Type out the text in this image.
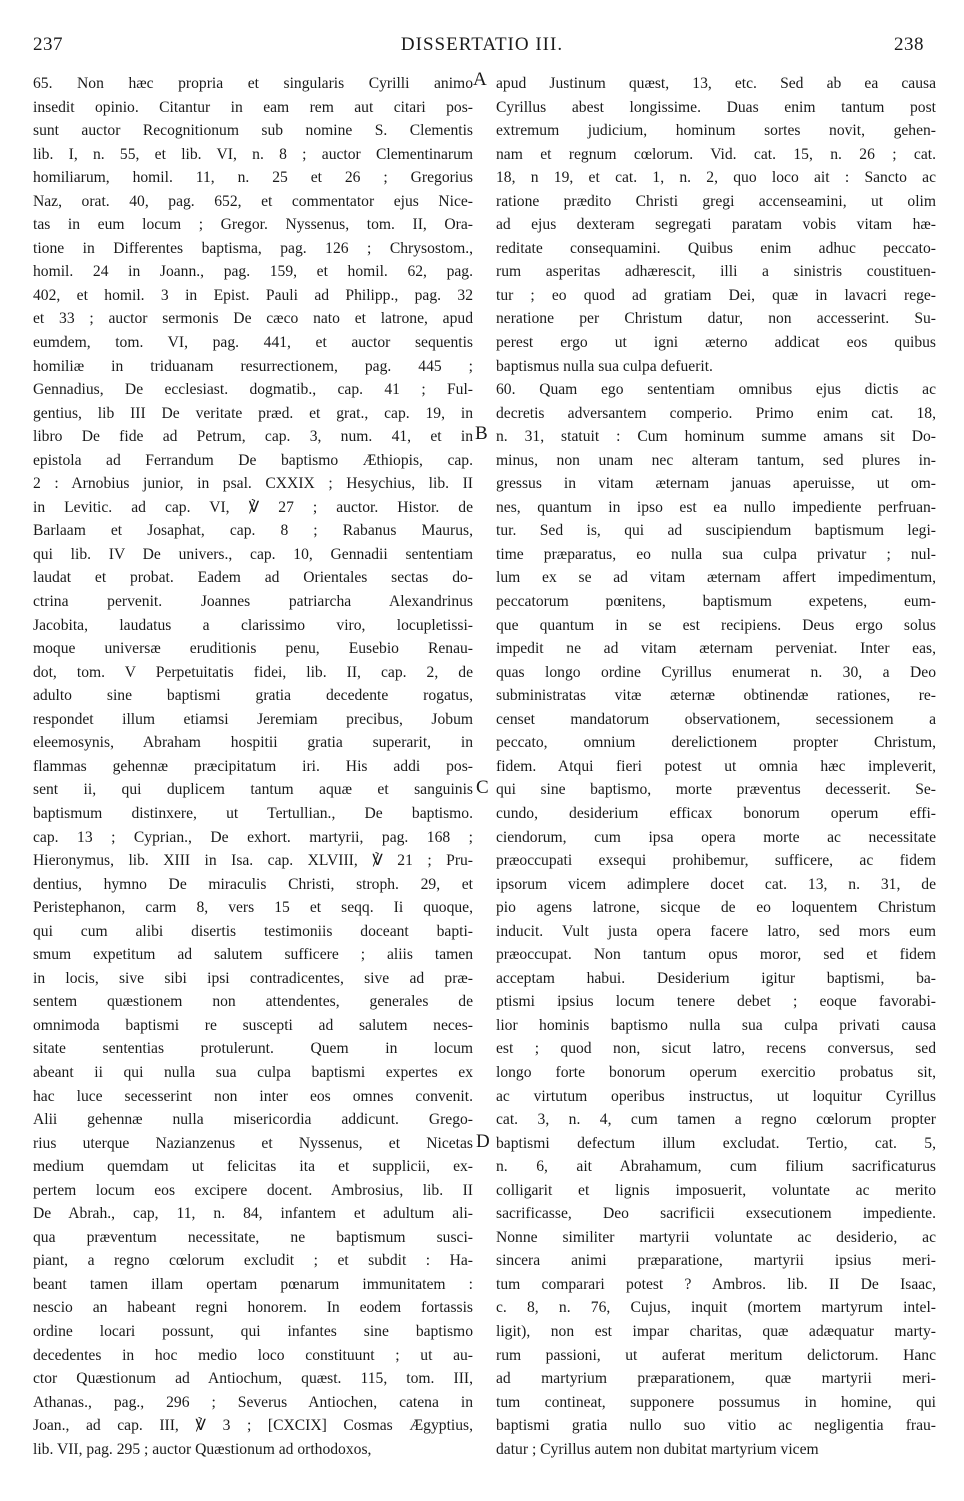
DISSERTATIO III.
237	238
65. Non hæc propria et singularis Cyrilli animo
insedit opinio. Citantur in eam rem aut citari pos-
sunt auctor Recognitionum sub nomine S. Clementis
lib. I, n. 55, et lib. VI, n. 8 ; auctor Clementinarum
homiliarum, homil. 11, n. 25 et 26 ; Gregorius
Naz, orat. 40, pag. 652, et commentator ejus Nice-
tas in eum locum ; Gregor. Nyssenus, tom. II, Ora-
tione in Differentes baptisma, pag. 126 ; Chrysostom.,
homil. 24 in Joann., pag. 159, et homil. 62, pag.
402, et homil. 3 in Epist. Pauli ad Philipp., pag. 32
et 33 ; auctor sermonis De cæco nato et latrone, apud
eumdem, tom. VI, pag. 441, et auctor sequentis
homiliæ in triduanam resurrectionem, pag. 445 ;
Gennadius, De ecclesiast. dogmatib., cap. 41 ; Ful-
gentius, lib III De veritate præd. et grat., cap. 19, in
libro De fide ad Petrum, cap. 3, num. 41, et in
epistola ad Ferrandum De baptismo Æthiopis, cap.
2 : Arnobius junior, in psal. CXXIX ; Hesychius, lib. II
in Levitic. ad cap. VI, ℣ 27 ; auctor. Histor. de
Barlaam et Josaphat, cap. 8 ; Rabanus Maurus,
qui lib. IV De univers., cap. 10, Gennadii sententiam
laudat et probat. Eadem ad Orientales sectas do-
ctrina pervenit. Joannes patriarcha Alexandrinus
Jacobita, laudatus a clarissimo viro, locupletissi-
moque universæ eruditionis penu, Eusebio Renau-
dot, tom. V Perpetuitatis fidei, lib. II, cap. 2, de
adulto sine baptismi gratia decedente rogatus,
respondet illum etiamsi Jeremiam precibus, Jobum
eleemosynis, Abraham hospitii gratia superarit, in
flammas gehennæ præcipitatum iri. His addi pos-
sent ii, qui duplicem tantum aquæ et sanguinis
baptismum distinxere, ut Tertullian., De baptismo.
cap. 13 ; Cyprian., De exhort. martyrii, pag. 168 ;
Hieronymus, lib. XIII in Isa. cap. XLVIII, ℣ 21 ; Pru-
dentius, hymno De miraculis Christi, stroph. 29, et
Peristephanon, carm 8, vers 15 et seqq. Ii quoque,
qui cum alibi disertis testimoniis doceant bapti-
smum expetitum ad salutem sufficere ; aliis tamen
in locis, sive sibi ipsi contradicentes, sive ad præ-
sentem quæstionem non attendentes, generales de
omnimoda baptismi re suscepti ad salutem neces-
sitate sententias protulerunt. Quem in locum
abeant ii qui nulla sua culpa baptismi expertes ex
hac luce secesserint non inter eos omnes convenit.
Alii gehennæ nulla misericordia addicunt. Grego-
rius uterque Nazianzenus et Nyssenus, et Nicetas
medium quemdam ut felicitas ita et supplicii, ex-
pertem locum eos excipere docent. Ambrosius, lib. II
De Abrah., cap, 11, n. 84, infantem et adultum ali-
qua præventum necessitate, ne baptismum susci-
piant, a regno cœlorum excludit ; et subdit : Ha-
beant tamen illam opertam pœnarum immunitatem :
nescio an habeant regni honorem. In eodem fortassis
ordine locari possunt, qui infantes sine baptismo
decedentes in hoc medio loco constituunt ; ut au-
ctor Quæstionum ad Antiochum, quæst. 115, tom. III,
Athanas., pag., 296 ; Severus Antiochen, catena in
Joan., ad cap. III, ℣ 3 ; [CXCIX] Cosmas Ægyptius,
lib. VII, pag. 295 ; auctor Quæstionum ad orthodoxos,
apud Justinum quæst, 13, etc. Sed ab ea causa
Cyrillus abest longissime. Duas enim tantum post
extremum judicium, hominum sortes novit, gehen-
nam et regnum cœlorum. Vid. cat. 15, n. 26 ; cat.
18, n 19, et cat. 1, n. 2, quo loco ait : Sancto ac
ratione prædito Christi gregi accenseamini, ut olim
ad ejus dexteram segregati paratam vobis vitam hæ-
reditate consequamini. Quibus enim adhuc peccato-
rum asperitas adhærescit, illi a sinistris coustituen-
tur ; eo quod ad gratiam Dei, quæ in lavacri rege-
neratione per Christum datur, non accesserint. Su-
perest ergo ut igni æterno addicat eos quibus
baptismus nulla sua culpa defuerit.
60. Quam ego sententiam omnibus ejus dictis ac
decretis adversantem comperio. Primo enim cat. 18,
n. 31, statuit : Cum hominum summe amans sit Do-
minus, non unam nec alteram tantum, sed plures in-
gressus in vitam æternam januas aperuisse, ut om-
nes, quantum in ipso est ea nullo impediente perfruan-
tur. Sed is, qui ad suscipiendum baptismum legi-
time præparatus, eo nulla sua culpa privatur ; nul-
lum ex se ad vitam æternam affert impedimentum,
peccatorum pœnitens, baptismum expetens, eum-
que quantum in se est recipiens. Deus ergo solus
impedit ne ad vitam æternam perveniat. Inter eas,
quas longo ordine Cyrillus enumerat n. 30, a Deo
subministratas vitæ æternæ obtinendæ rationes, re-
censet mandatorum observationem, secessionem a
peccato, omnium derelictionem propter Christum,
fidem. Atqui fieri potest ut omnia hæc impleverit,
qui sine baptismo, morte præventus decesserit. Se-
cundo, desiderium efficax bonorum operum effi-
ciendorum, cum ipsa opera morte ac necessitate
præoccupati exsequi prohibemur, sufficere, ac fidem
ipsorum vicem adimplere docet cat. 13, n. 31, de
pio agens latrone, sicque de eo loquentem Christum
inducit. Vult justa opera facere latro, sed mors eum
præoccupat. Non tantum opus moror, sed et fidem
acceptam habui. Desiderium igitur baptismi, ba-
ptismi ipsius locum tenere debet ; eoque favorabi-
lior hominis baptismo nulla sua culpa privati causa
est ; quod non, sicut latro, recens conversus, sed
longo forte bonorum operum exercitio probatus sit,
ac virtutum operibus instructus, ut loquitur Cyrillus
cat. 3, n. 4, cum tamen a regno cœlorum propter
baptismi defectum illum excludat. Tertio, cat. 5,
n. 6, ait Abrahamum, cum filium sacrificaturus
colligarit et lignis imposuerit, voluntate ac merito
sacrificasse, Deo sacrificii exsecutionem impediente.
Nonne similiter martyrii voluntate ac desiderio, ac
sincera animi præparatione, martyrii ipsius meri-
tum comparari potest ? Ambros. lib. II De Isaac,
c. 8, n. 76, Cujus, inquit (mortem martyrum intel-
ligit), non est impar charitas, quæ adæquatur marty-
rum passioni, ut auferat meritum delictorum. Hanc
ad martyrium præparationem, quæ martyrii meri-
tum contineat, supponere possumus in homine, qui
baptismi gratia nullo suo vitio ac negligentia frau-
datur ; Cyrillus autem non dubitat martyrium vicem
A
B
C
D
